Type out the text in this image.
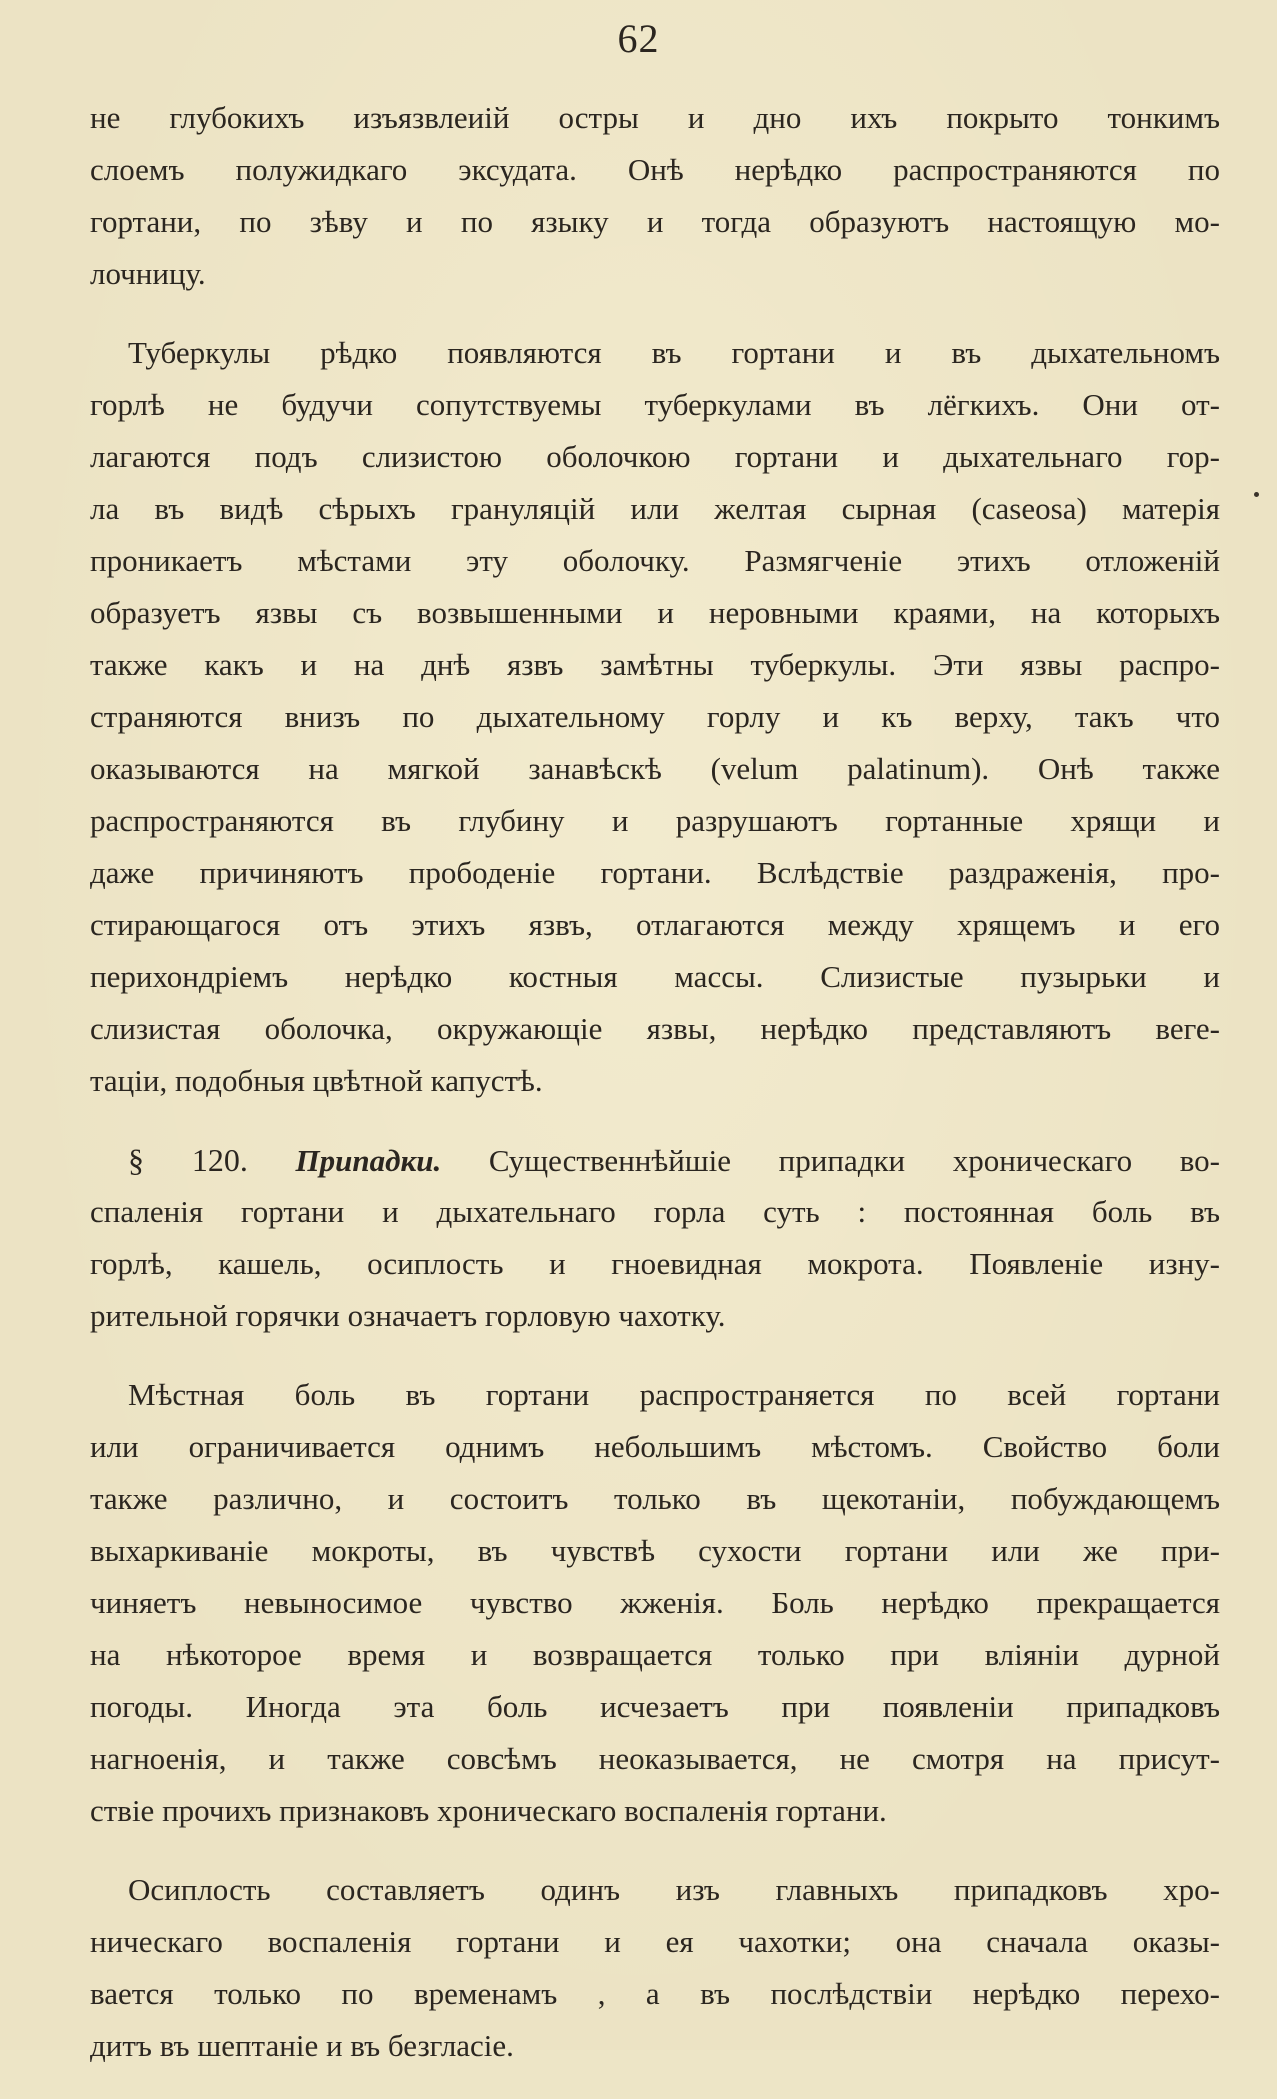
62

не глубокихъ изъязвлеиій остры и дно ихъ покрыто тонкимъ
слоемъ полужидкаго эксудата. Онѣ нерѣдко распространяются по
гортани, по зѣву и по языку и тогда образуютъ настоящую мо-
лочницу.

Туберкулы рѣдко появляются въ гортани и въ дыхательномъ
горлѣ не будучи сопутствуемы туберкулами въ лёгкихъ. Они от-
лагаются подъ слизистою оболочкою гортани и дыхательнаго гор-
ла въ видѣ сѣрыхъ грануляцій или желтая сырная (caseosa) матерія
проникаетъ мѣстами эту оболочку. Размягченіе этихъ отложеній
образуетъ язвы съ возвышенными и неровными краями, на которыхъ
также какъ и на днѣ язвъ замѣтны туберкулы. Эти язвы распро-
страняются внизъ по дыхательному горлу и къ верху, такъ что
оказываются на мягкой занавѣскѣ (velum palatinum). Онѣ также
распространяются въ глубину и разрушаютъ гортанные хрящи и
даже причиняютъ прободеніе гортани. Вслѣдствіе раздраженія, про-
стирающагося отъ этихъ язвъ, отлагаются между хрящемъ и его
перихондріемъ нерѣдко костныя массы. Слизистые пузырьки и
слизистая оболочка, окружающіе язвы, нерѣдко представляютъ веге-
таціи, подобныя цвѣтной капустѣ.

§ 120. Припадки. Существеннѣйшіе припадки хроническаго во-
спаленія гортани и дыхательнаго горла суть : постоянная боль въ
горлѣ, кашель, осиплость и гноевидная мокрота. Появленіе изну-
рительной горячки означаетъ горловую чахотку.

Мѣстная боль въ гортани распространяется по всей гортани
или ограничивается однимъ небольшимъ мѣстомъ. Свойство боли
также различно, и состоитъ только въ щекотаніи, побуждающемъ
выхаркиваніе мокроты, въ чувствѣ сухости гортани или же при-
чиняетъ невыносимое чувство жженія. Боль нерѣдко прекращается
на нѣкоторое время и возвращается только при вліяніи дурной
погоды. Иногда эта боль исчезаетъ при появленіи припадковъ
нагноенія, и также совсѣмъ неоказывается, не смотря на присут-
ствіе прочихъ признаковъ хроническаго воспаленія гортани.

Осиплость составляетъ одинъ изъ главныхъ припадковъ хро-
ническаго воспаленія гортани и ея чахотки; она сначала оказы-
вается только по временамъ , а въ послѣдствіи нерѣдко перехо-
дитъ въ шептаніе и въ безгласіе.
